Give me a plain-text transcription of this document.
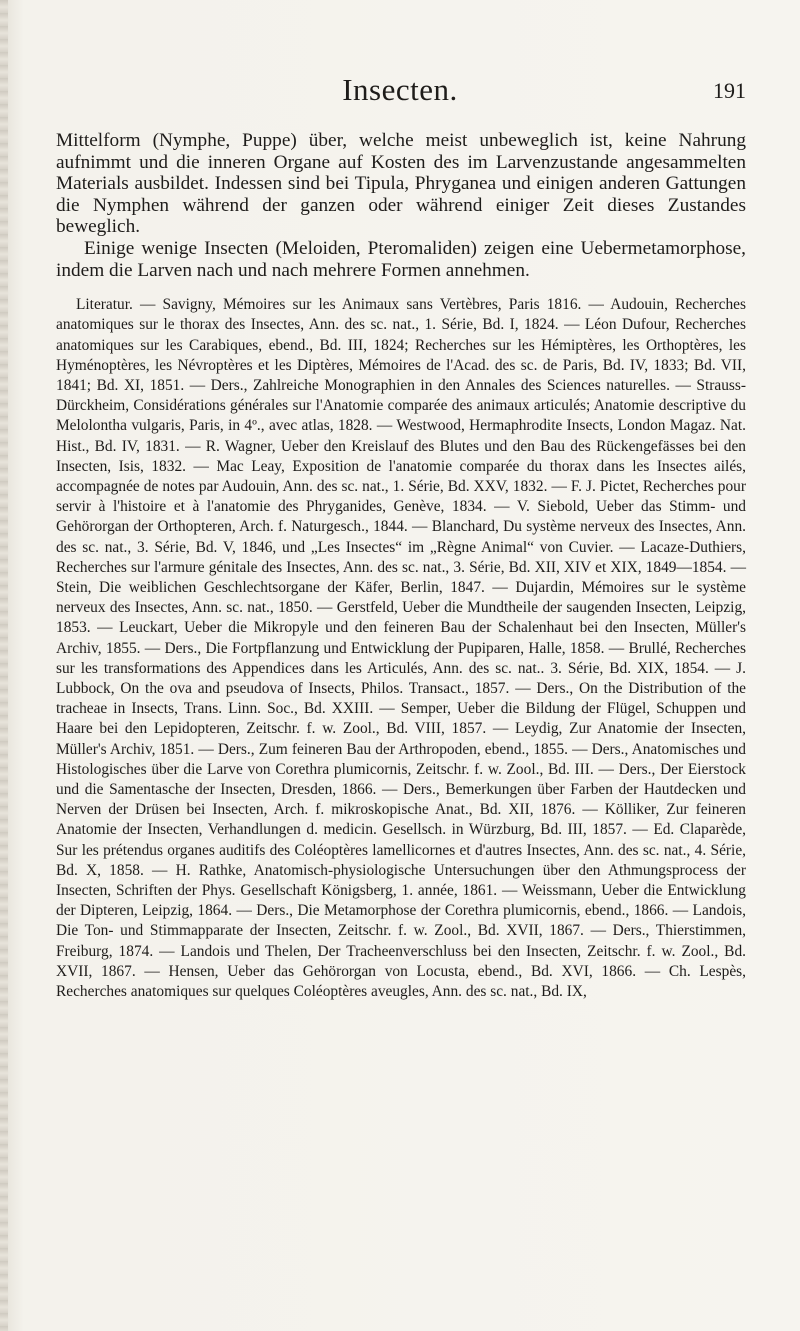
Insecten.	191

Mittelform (Nymphe, Puppe) über, welche meist unbeweglich ist, keine Nahrung aufnimmt und die inneren Organe auf Kosten des im Larvenzustande angesammelten Materials ausbildet. Indessen sind bei Tipula, Phryganea und einigen anderen Gattungen die Nymphen während der ganzen oder während einiger Zeit dieses Zustandes beweglich.

Einige wenige Insecten (Meloiden, Pteromaliden) zeigen eine Uebermetamorphose, indem die Larven nach und nach mehrere Formen annehmen.

Literatur. — Savigny, Mémoires sur les Animaux sans Vertèbres, Paris 1816. — Audouin, Recherches anatomiques sur le thorax des Insectes, Ann. des sc. nat., 1. Série, Bd. I, 1824. — Léon Dufour, Recherches anatomiques sur les Carabiques, ebend., Bd. III, 1824; Recherches sur les Hémiptères, les Orthoptères, les Hyménoptères, les Névroptères et les Diptères, Mémoires de l'Acad. des sc. de Paris, Bd. IV, 1833; Bd. VII, 1841; Bd. XI, 1851. — Ders., Zahlreiche Monographien in den Annales des Sciences naturelles. — Strauss-Dürckheim, Considérations générales sur l'Anatomie comparée des animaux articulés; Anatomie descriptive du Melolontha vulgaris, Paris, in 4º., avec atlas, 1828. — Westwood, Hermaphrodite Insects, London Magaz. Nat. Hist., Bd. IV, 1831. — R. Wagner, Ueber den Kreislauf des Blutes und den Bau des Rückengefässes bei den Insecten, Isis, 1832. — Mac Leay, Exposition de l'anatomie comparée du thorax dans les Insectes ailés, accompagnée de notes par Audouin, Ann. des sc. nat., 1. Série, Bd. XXV, 1832. — F. J. Pictet, Recherches pour servir à l'histoire et à l'anatomie des Phryganides, Genève, 1834. — V. Siebold, Ueber das Stimm- und Gehörorgan der Orthopteren, Arch. f. Naturgesch., 1844. — Blanchard, Du système nerveux des Insectes, Ann. des sc. nat., 3. Série, Bd. V, 1846, und „Les Insectes“ im „Règne Animal“ von Cuvier. — Lacaze-Duthiers, Recherches sur l'armure génitale des Insectes, Ann. des sc. nat., 3. Série, Bd. XII, XIV et XIX, 1849—1854. — Stein, Die weiblichen Geschlechtsorgane der Käfer, Berlin, 1847. — Dujardin, Mémoires sur le système nerveux des Insectes, Ann. sc. nat., 1850. — Gerstfeld, Ueber die Mundtheile der saugenden Insecten, Leipzig, 1853. — Leuckart, Ueber die Mikropyle und den feineren Bau der Schalenhaut bei den Insecten, Müller's Archiv, 1855. — Ders., Die Fortpflanzung und Entwicklung der Pupiparen, Halle, 1858. — Brullé, Recherches sur les transformations des Appendices dans les Articulés, Ann. des sc. nat.. 3. Série, Bd. XIX, 1854. — J. Lubbock, On the ova and pseudova of Insects, Philos. Transact., 1857. — Ders., On the Distribution of the tracheae in Insects, Trans. Linn. Soc., Bd. XXIII. — Semper, Ueber die Bildung der Flügel, Schuppen und Haare bei den Lepidopteren, Zeitschr. f. w. Zool., Bd. VIII, 1857. — Leydig, Zur Anatomie der Insecten, Müller's Archiv, 1851. — Ders., Zum feineren Bau der Arthropoden, ebend., 1855. — Ders., Anatomisches und Histologisches über die Larve von Corethra plumicornis, Zeitschr. f. w. Zool., Bd. III. — Ders., Der Eierstock und die Samentasche der Insecten, Dresden, 1866. — Ders., Bemerkungen über Farben der Hautdecken und Nerven der Drüsen bei Insecten, Arch. f. mikroskopische Anat., Bd. XII, 1876. — Kölliker, Zur feineren Anatomie der Insecten, Verhandlungen d. medicin. Gesellsch. in Würzburg, Bd. III, 1857. — Ed. Claparède, Sur les prétendus organes auditifs des Coléoptères lamellicornes et d'autres Insectes, Ann. des sc. nat., 4. Série, Bd. X, 1858. — H. Rathke, Anatomisch-physiologische Untersuchungen über den Athmungsprocess der Insecten, Schriften der Phys. Gesellschaft Königsberg, 1. année, 1861. — Weissmann, Ueber die Entwicklung der Dipteren, Leipzig, 1864. — Ders., Die Metamorphose der Corethra plumicornis, ebend., 1866. — Landois, Die Ton- und Stimmapparate der Insecten, Zeitschr. f. w. Zool., Bd. XVII, 1867. — Ders., Thierstimmen, Freiburg, 1874. — Landois und Thelen, Der Tracheenverschluss bei den Insecten, Zeitschr. f. w. Zool., Bd. XVII, 1867. — Hensen, Ueber das Gehörorgan von Locusta, ebend., Bd. XVI, 1866. — Ch. Lespès, Recherches anatomiques sur quelques Coléoptères aveugles, Ann. des sc. nat., Bd. IX,
